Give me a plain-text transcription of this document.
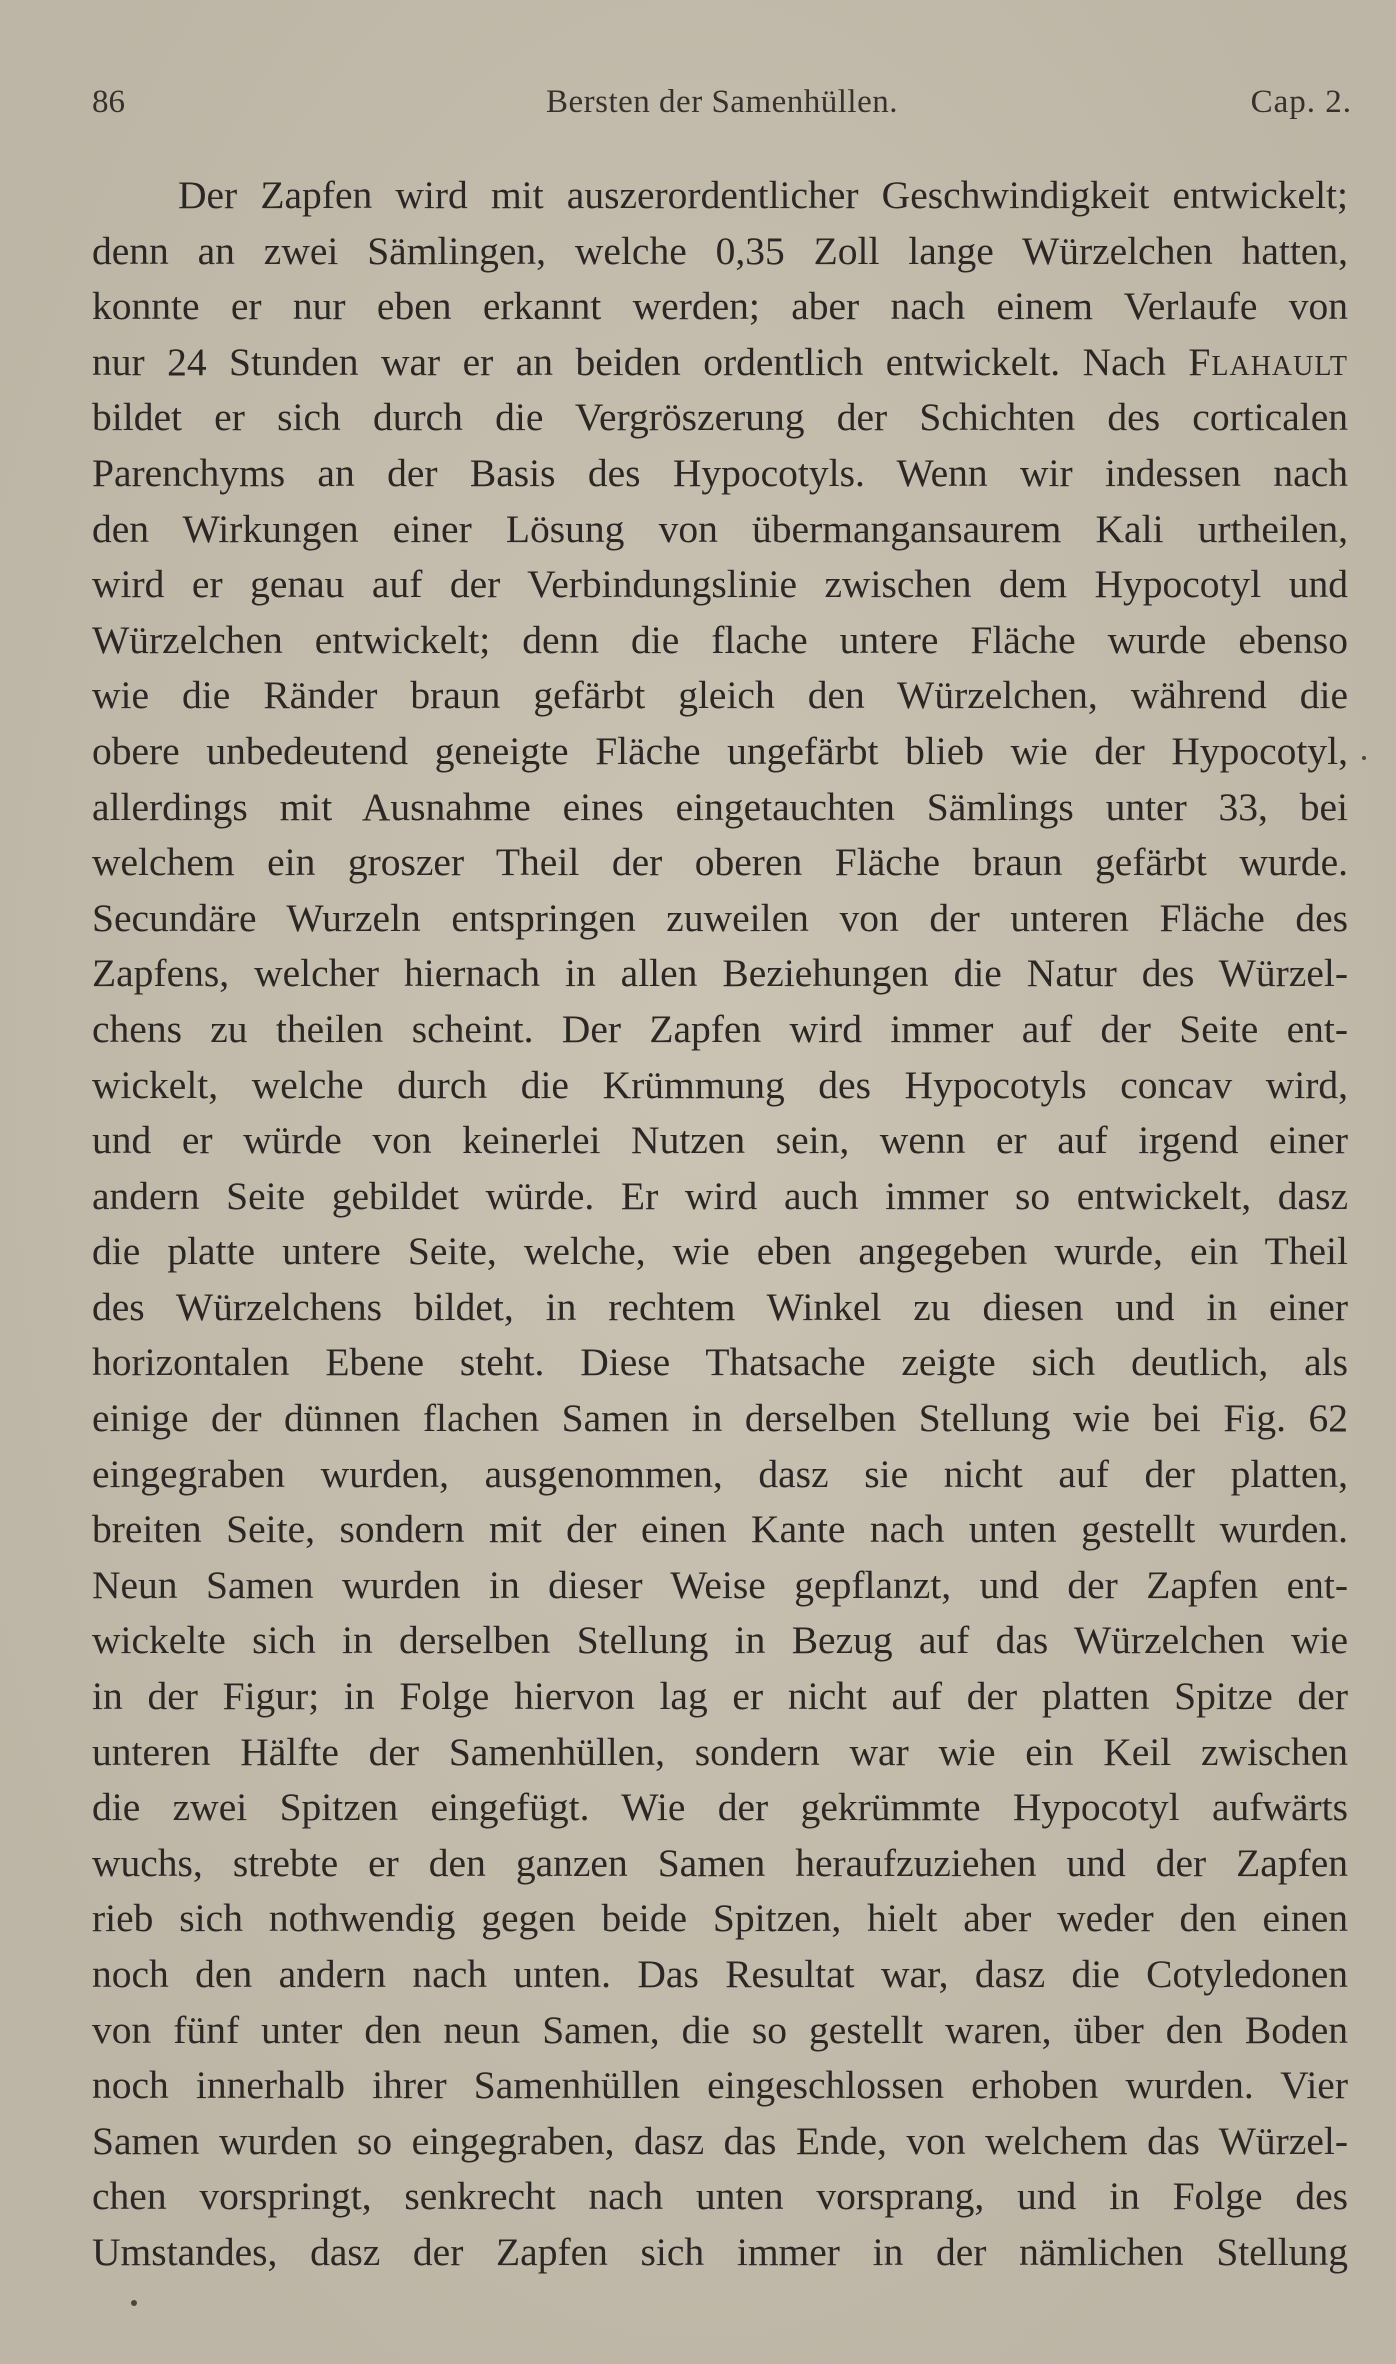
86	Bersten der Samenhüllen.	Cap. 2.
Der Zapfen wird mit auszerordentlicher Geschwindigkeit entwickelt;
denn an zwei Sämlingen, welche 0,35 Zoll lange Würzelchen hatten,
konnte er nur eben erkannt werden; aber nach einem Verlaufe von
nur 24 Stunden war er an beiden ordentlich entwickelt. Nach Flahault
bildet er sich durch die Vergröszerung der Schichten des corticalen
Parenchyms an der Basis des Hypocotyls. Wenn wir indessen nach
den Wirkungen einer Lösung von übermangansaurem Kali urtheilen,
wird er genau auf der Verbindungslinie zwischen dem Hypocotyl und
Würzelchen entwickelt; denn die flache untere Fläche wurde ebenso
wie die Ränder braun gefärbt gleich den Würzelchen, während die
obere unbedeutend geneigte Fläche ungefärbt blieb wie der Hypocotyl,
allerdings mit Ausnahme eines eingetauchten Sämlings unter 33, bei
welchem ein groszer Theil der oberen Fläche braun gefärbt wurde.
Secundäre Wurzeln entspringen zuweilen von der unteren Fläche des
Zapfens, welcher hiernach in allen Beziehungen die Natur des Würzel-
chens zu theilen scheint. Der Zapfen wird immer auf der Seite ent-
wickelt, welche durch die Krümmung des Hypocotyls concav wird,
und er würde von keinerlei Nutzen sein, wenn er auf irgend einer
andern Seite gebildet würde. Er wird auch immer so entwickelt, dasz
die platte untere Seite, welche, wie eben angegeben wurde, ein Theil
des Würzelchens bildet, in rechtem Winkel zu diesen und in einer
horizontalen Ebene steht. Diese Thatsache zeigte sich deutlich, als
einige der dünnen flachen Samen in derselben Stellung wie bei Fig. 62
eingegraben wurden, ausgenommen, dasz sie nicht auf der platten,
breiten Seite, sondern mit der einen Kante nach unten gestellt wurden.
Neun Samen wurden in dieser Weise gepflanzt, und der Zapfen ent-
wickelte sich in derselben Stellung in Bezug auf das Würzelchen wie
in der Figur; in Folge hiervon lag er nicht auf der platten Spitze der
unteren Hälfte der Samenhüllen, sondern war wie ein Keil zwischen
die zwei Spitzen eingefügt. Wie der gekrümmte Hypocotyl aufwärts
wuchs, strebte er den ganzen Samen heraufzuziehen und der Zapfen
rieb sich nothwendig gegen beide Spitzen, hielt aber weder den einen
noch den andern nach unten. Das Resultat war, dasz die Cotyledonen
von fünf unter den neun Samen, die so gestellt waren, über den Boden
noch innerhalb ihrer Samenhüllen eingeschlossen erhoben wurden. Vier
Samen wurden so eingegraben, dasz das Ende, von welchem das Würzel-
chen vorspringt, senkrecht nach unten vorsprang, und in Folge des
Umstandes, dasz der Zapfen sich immer in der nämlichen Stellung
